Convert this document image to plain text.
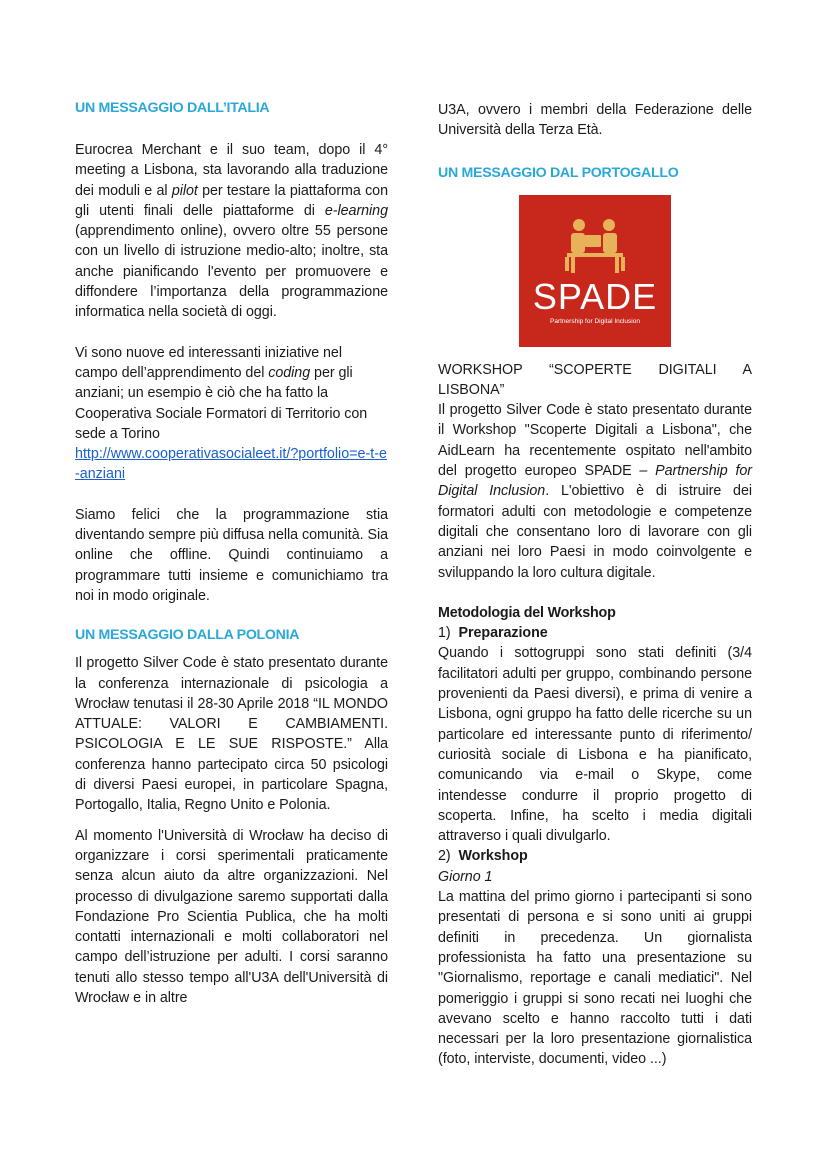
UN MESSAGGIO DALL’ITALIA

Eurocrea Merchant e il suo team, dopo il 4° meeting a Lisbona, sta lavorando alla traduzione dei moduli e al pilot per testare la piattaforma con gli utenti finali delle piattaforme di e-learning (apprendimento online), ovvero oltre 55 persone con un livello di istruzione medio-alto; inoltre, sta anche pianificando l'evento per promuovere e diffondere l’importanza della programmazione informatica nella società di oggi.

Vi sono nuove ed interessanti iniziative nel campo dell’apprendimento del coding per gli anziani; un esempio è ciò che ha fatto la Cooperativa Sociale Formatori di Territorio con sede a Torino

http://www.cooperativasocialeet.it/?portfolio=e-t-e-anziani

Siamo felici che la programmazione stia diventando sempre più diffusa nella comunità. Sia online che offline. Quindi continuiamo a programmare tutti insieme e comunichiamo tra noi in modo originale.

UN MESSAGGIO DALLA POLONIA

Il progetto Silver Code è stato presentato durante la conferenza internazionale di psicologia a Wrocław tenutasi il 28-30 Aprile 2018 “IL MONDO ATTUALE: VALORI E CAMBIAMENTI. PSICOLOGIA E LE SUE RISPOSTE.” Alla conferenza hanno partecipato circa 50 psicologi di diversi Paesi europei, in particolare Spagna, Portogallo, Italia, Regno Unito e Polonia.

Al momento l'Università di Wrocław ha deciso di organizzare i corsi sperimentali praticamente senza alcun aiuto da altre organizzazioni. Nel processo di divulgazione saremo supportati dalla Fondazione Pro Scientia Publica, che ha molti contatti internazionali e molti collaboratori nel campo dell’istruzione per adulti. I corsi saranno tenuti allo stesso tempo all'U3A dell'Università di Wrocław e in altre

U3A, ovvero i membri della Federazione delle Università della Terza Età.

UN MESSAGGIO DAL PORTOGALLO
SPADE
Partnership for Digital Inclusion

WORKSHOP “SCOPERTE DIGITALI A LISBONA”

Il progetto Silver Code è stato presentato durante il Workshop "Scoperte Digitali a Lisbona", che AidLearn ha recentemente ospitato nell'ambito del progetto europeo SPADE – Partnership for Digital Inclusion. L'obiettivo è di istruire dei formatori adulti con metodologie e competenze digitali che consentano loro di lavorare con gli anziani nei loro Paesi in modo coinvolgente e sviluppando la loro cultura digitale.

Metodologia del Workshop

1) Preparazione

Quando i sottogruppi sono stati definiti (3/4 facilitatori adulti per gruppo, combinando persone provenienti da Paesi diversi), e prima di venire a Lisbona, ogni gruppo ha fatto delle ricerche su un particolare ed interessante punto di riferimento/ curiosità sociale di Lisbona e ha pianificato, comunicando via e-mail o Skype, come intendesse condurre il proprio progetto di scoperta. Infine, ha scelto i media digitali attraverso i quali divulgarlo.

2) Workshop

Giorno 1

La mattina del primo giorno i partecipanti si sono presentati di persona e si sono uniti ai gruppi definiti in precedenza. Un giornalista professionista ha fatto una presentazione su "Giornalismo, reportage e canali mediatici". Nel pomeriggio i gruppi si sono recati nei luoghi che avevano scelto e hanno raccolto tutti i dati necessari per la loro presentazione giornalistica (foto, interviste, documenti, video ...)
